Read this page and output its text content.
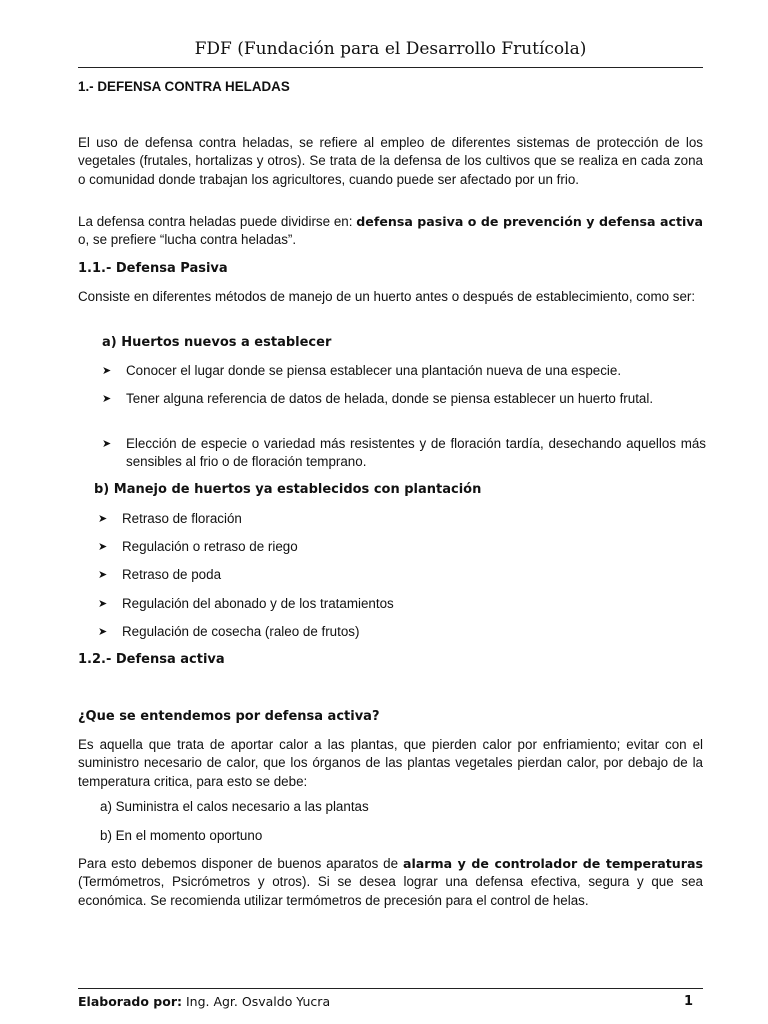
FDF (Fundación para el Desarrollo Frutícola)
1.- DEFENSA CONTRA HELADAS

El uso de defensa contra heladas, se refiere al empleo de diferentes sistemas de protección de los vegetales (frutales, hortalizas y otros). Se trata de la defensa de los cultivos que se realiza en cada zona o comunidad donde trabajan los agricultores, cuando puede ser afectado por un frio.

La defensa contra heladas puede dividirse en: defensa pasiva o de prevención y defensa activa o, se prefiere “lucha contra heladas”.

1.1.- Defensa Pasiva

Consiste en diferentes métodos de manejo de un huerto antes o después de establecimiento, como ser:

a) Huertos nuevos a establecer
➤ Conocer el lugar donde se piensa establecer una plantación nueva de una especie.
➤ Tener alguna referencia de datos de helada, donde se piensa establecer un huerto frutal.
➤ Elección de especie o variedad más resistentes y de floración tardía, desechando aquellos más sensibles al frio o de floración temprano.
b) Manejo de huertos ya establecidos con plantación
➤ Retraso de floración
➤ Regulación o retraso de riego
➤ Retraso de poda
➤ Regulación del abonado y de los tratamientos
➤ Regulación de cosecha (raleo de frutos)
1.2.- Defensa activa
¿Que se entendemos por defensa activa?

Es aquella que trata de aportar calor a las plantas, que pierden calor por enfriamiento; evitar con el suministro necesario de calor, que los órganos de las plantas vegetales pierdan calor, por debajo de la temperatura critica, para esto se debe:

a) Suministra el calos necesario a las plantas
b) En el momento oportuno

Para esto debemos disponer de buenos aparatos de alarma y de controlador de temperaturas (Termómetros, Psicrómetros y otros). Si se desea lograr una defensa efectiva, segura y que sea económica. Se recomienda utilizar termómetros de precesión para el control de helas.

Elaborado por: Ing. Agr. Osvaldo Yucra	1
